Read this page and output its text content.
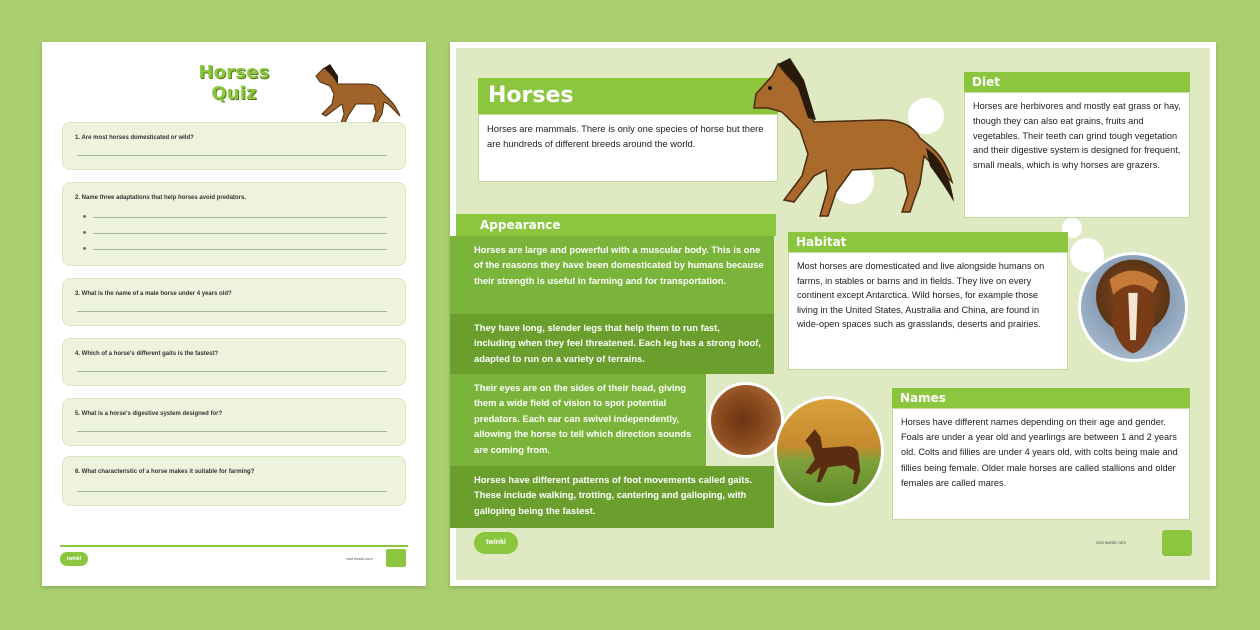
Horses Quiz
1. Are most horses domesticated or wild?
2. Name three adaptations that help horses avoid predators.
3. What is the name of a male horse under 4 years old?
4. Which of a horse's different gaits is the fastest?
5. What is a horse's digestive system designed for?
6. What characteristic of a horse makes it suitable for farming?
twinkl	visit twinkl.com
Horses
Horses are mammals. There is only one species of horse but there are hundreds of different breeds around the world.
Diet
Horses are herbivores and mostly eat grass or hay, though they can also eat grains, fruits and vegetables. Their teeth can grind tough vegetation and their digestive system is designed for frequent, small meals, which is why horses are grazers.
Appearance
Horses are large and powerful with a muscular body. This is one of the reasons they have been domesticated by humans because their strength is useful in farming and for transportation.
They have long, slender legs that help them to run fast, including when they feel threatened. Each leg has a strong hoof, adapted to run on a variety of terrains.
Their eyes are on the sides of their head, giving them a wide field of vision to spot potential predators. Each ear can swivel independently, allowing the horse to tell which direction sounds are coming from.
Horses have different patterns of foot movements called gaits. These include walking, trotting, cantering and galloping, with galloping being the fastest.
Habitat
Most horses are domesticated and live alongside humans on farms, in stables or barns and in fields. They live on every continent except Antarctica. Wild horses, for example those living in the United States, Australia and China, are found in wide-open spaces such as grasslands, deserts and prairies.
Names
Horses have different names depending on their age and gender. Foals are under a year old and yearlings are between 1 and 2 years old. Colts and fillies are under 4 years old, with colts being male and fillies being female. Older male horses are called stallions and older females are called mares.
twinkl	visit twinkl.com
